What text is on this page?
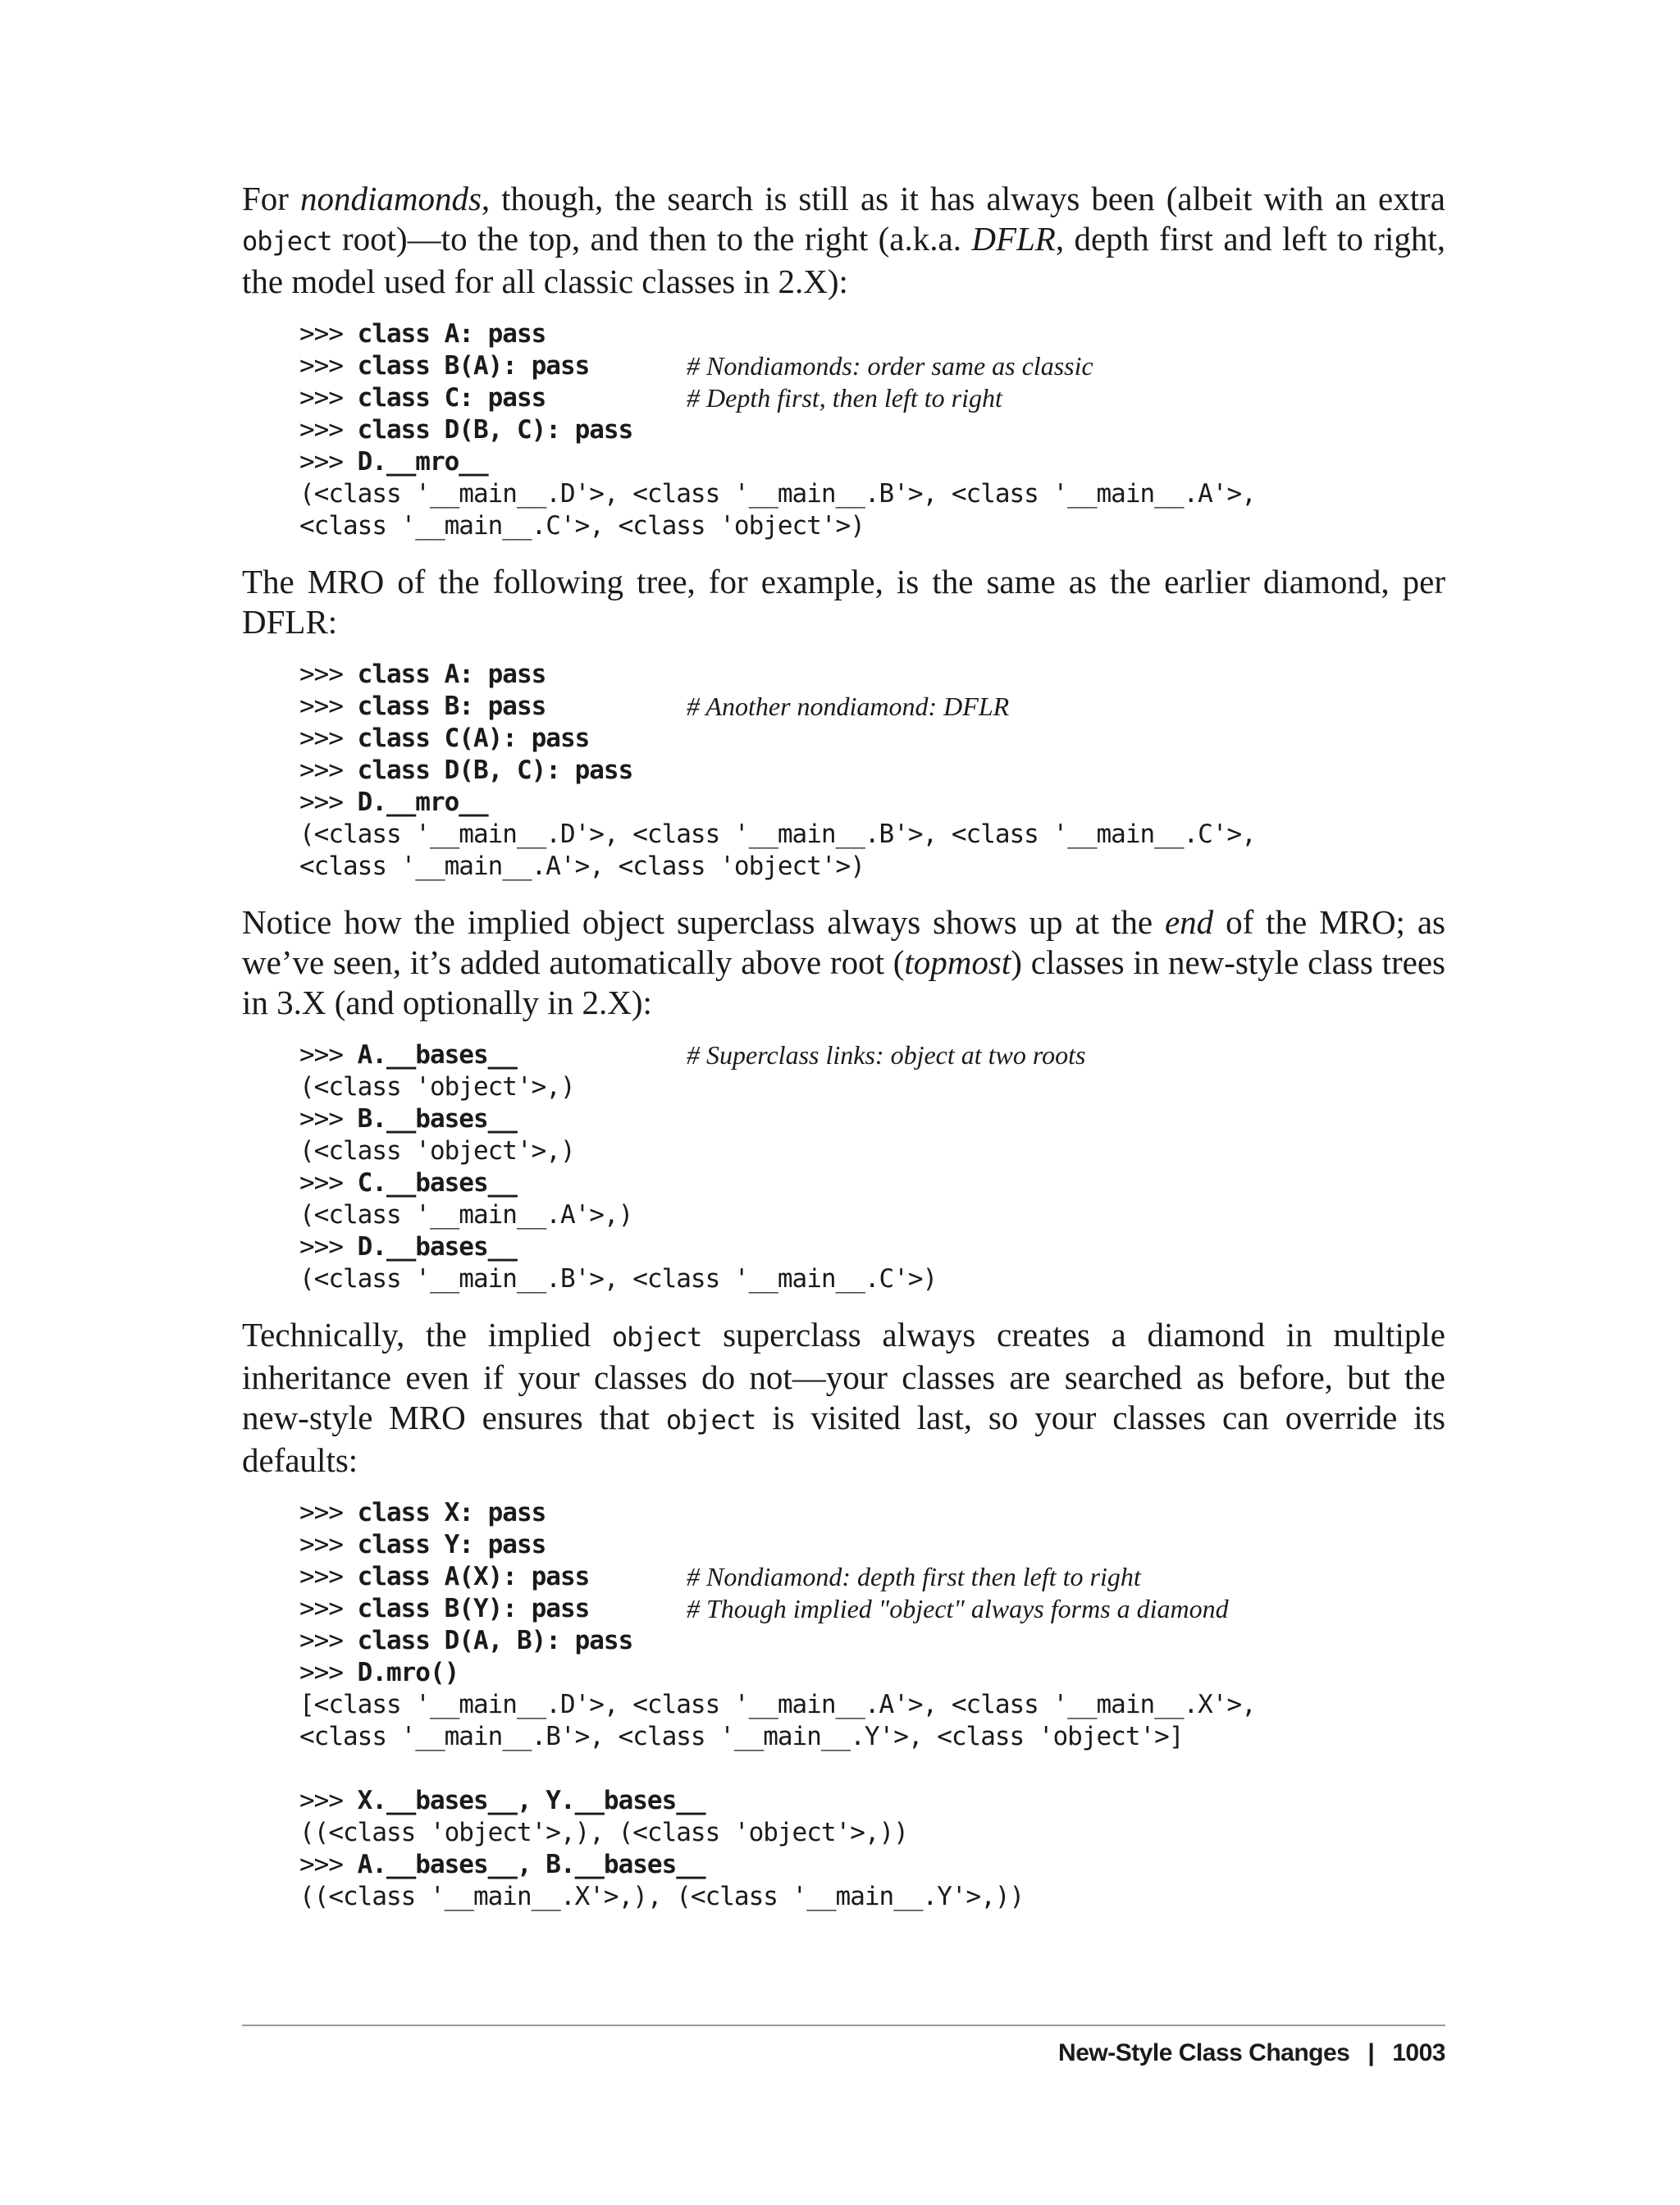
For nondiamonds, though, the search is still as it has always been (albeit with an extra object root)—to the top, and then to the right (a.k.a. DFLR, depth first and left to right, the model used for all classic classes in 2.X):

>>> class A: pass
>>> class B(A): pass	# Nondiamonds: order same as classic
>>> class C: pass	# Depth first, then left to right
>>> class D(B, C): pass
>>> D.__mro__
(<class '__main__.D'>, <class '__main__.B'>, <class '__main__.A'>,
<class '__main__.C'>, <class 'object'>)

The MRO of the following tree, for example, is the same as the earlier diamond, per DFLR:

>>> class A: pass
>>> class B: pass	# Another nondiamond: DFLR
>>> class C(A): pass
>>> class D(B, C): pass
>>> D.__mro__
(<class '__main__.D'>, <class '__main__.B'>, <class '__main__.C'>,
<class '__main__.A'>, <class 'object'>)

Notice how the implied object superclass always shows up at the end of the MRO; as we’ve seen, it’s added automatically above root (topmost) classes in new-style class trees in 3.X (and optionally in 2.X):

>>> A.__bases__	# Superclass links: object at two roots
(<class 'object'>,)
>>> B.__bases__
(<class 'object'>,)
>>> C.__bases__
(<class '__main__.A'>,)
>>> D.__bases__
(<class '__main__.B'>, <class '__main__.C'>)

Technically, the implied object superclass always creates a diamond in multiple inheritance even if your classes do not—your classes are searched as before, but the new-style MRO ensures that object is visited last, so your classes can override its defaults:

>>> class X: pass
>>> class Y: pass
>>> class A(X): pass	# Nondiamond: depth first then left to right
>>> class B(Y): pass	# Though implied "object" always forms a diamond
>>> class D(A, B): pass
>>> D.mro()
[<class '__main__.D'>, <class '__main__.A'>, <class '__main__.X'>,
<class '__main__.B'>, <class '__main__.Y'>, <class 'object'>]
>>> X.__bases__, Y.__bases__
((<class 'object'>,), (<class 'object'>,))
>>> A.__bases__, B.__bases__
((<class '__main__.X'>,), (<class '__main__.Y'>,))
New-Style Class Changes | 1003
